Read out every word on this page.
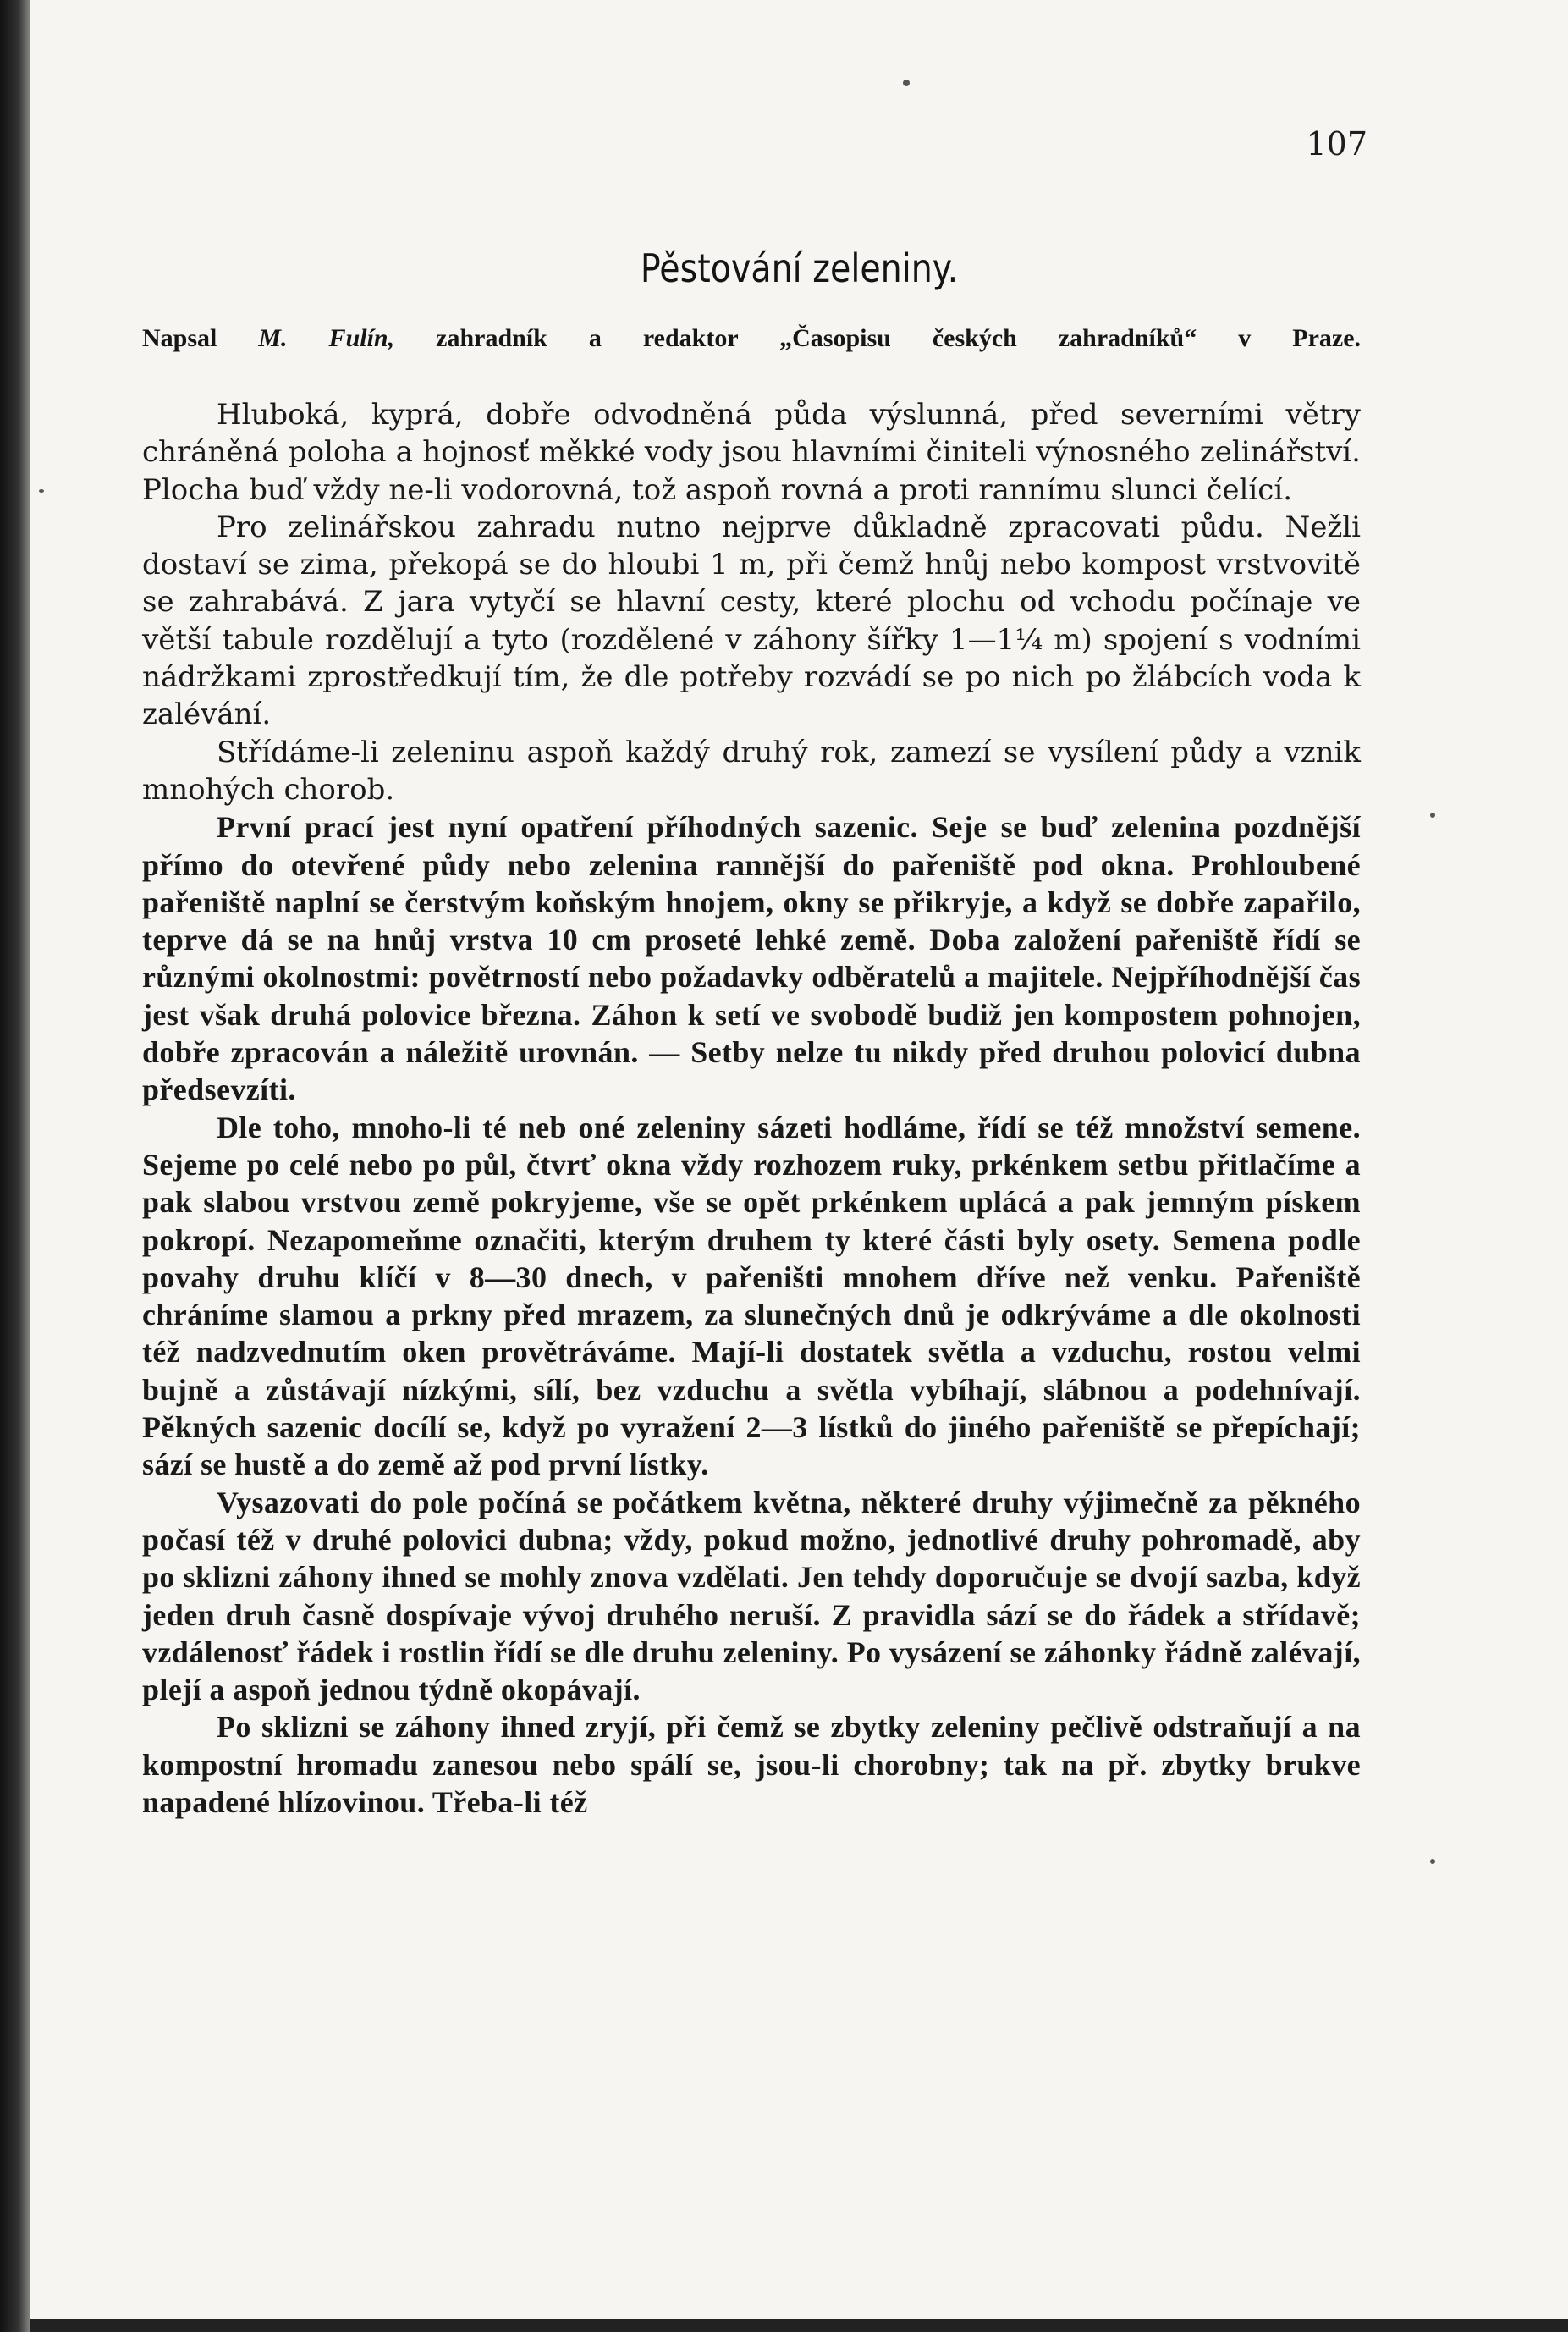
107
Pěstování zeleniny.
Napsal M. Fulín, zahradník a redaktor „Časopisu českých zahradníků“ v Praze.

Hluboká, kyprá, dobře odvodněná půda výslunná, před severními větry chráněná poloha a hojnosť měkké vody jsou hlavními činiteli výnosného zelinářství. Plocha buď vždy ne-li vodorovná, tož aspoň rovná a proti rannímu slunci čelící.

Pro zelinářskou zahradu nutno nejprve důkladně zpracovati půdu. Nežli dostaví se zima, překopá se do hloubi 1 m, při čemž hnůj nebo kompost vrstvovitě se zahrabává. Z jara vytyčí se hlavní cesty, které plochu od vchodu počínaje ve větší tabule rozdělují a tyto (rozdělené v záhony šířky 1—1¼ m) spojení s vodními nádržkami zprostředkují tím, že dle potřeby rozvádí se po nich po žlábcích voda k zalévání.

Střídáme-li zeleninu aspoň každý druhý rok, zamezí se vysílení půdy a vznik mnohých chorob.

První prací jest nyní opatření příhodných sazenic. Seje se buď zelenina pozdnější přímo do otevřené půdy nebo zelenina rannější do pařeniště pod okna. Prohloubené pařeniště naplní se čerstvým koňským hnojem, okny se přikryje, a když se dobře zapařilo, teprve dá se na hnůj vrstva 10 cm proseté lehké země. Doba založení pařeniště řídí se různými okolnostmi: povětrností nebo požadavky odběratelů a majitele. Nejpříhodnější čas jest však druhá polovice března. Záhon k setí ve svobodě budiž jen kompostem pohnojen, dobře zpracován a náležitě urovnán. — Setby nelze tu nikdy před druhou polovicí dubna předsevzíti.

Dle toho, mnoho-li té neb oné zeleniny sázeti hodláme, řídí se též množství semene. Sejeme po celé nebo po půl, čtvrť okna vždy rozhozem ruky, prkénkem setbu přitlačíme a pak slabou vrstvou země pokryjeme, vše se opět prkénkem uplácá a pak jemným pískem pokropí. Nezapomeňme označiti, kterým druhem ty které části byly osety. Semena podle povahy druhu klíčí v 8—30 dnech, v pařeništi mnohem dříve než venku. Pařeniště chráníme slamou a prkny před mrazem, za slunečných dnů je odkrýváme a dle okolnosti též nadzvednutím oken provětráváme. Mají-li dostatek světla a vzduchu, rostou velmi bujně a zůstávají nízkými, sílí, bez vzduchu a světla vybíhají, slábnou a podehnívají. Pěkných sazenic docílí se, když po vyražení 2—3 lístků do jiného pařeniště se přepíchají; sází se hustě a do země až pod první lístky.

Vysazovati do pole počíná se počátkem května, některé druhy výjimečně za pěkného počasí též v druhé polovici dubna; vždy, pokud možno, jednotlivé druhy pohromadě, aby po sklizni záhony ihned se mohly znova vzdělati. Jen tehdy doporučuje se dvojí sazba, když jeden druh časně dospívaje vývoj druhého neruší. Z pravidla sází se do řádek a střídavě; vzdálenosť řádek i rostlin řídí se dle druhu zeleniny. Po vysázení se záhonky řádně zalévají, plejí a aspoň jednou týdně okopávají.

Po sklizni se záhony ihned zryjí, při čemž se zbytky zeleniny pečlivě odstraňují a na kompostní hromadu zanesou nebo spálí se, jsou-li chorobny; tak na př. zbytky brukve napadené hlízovinou. Třeba-li též
